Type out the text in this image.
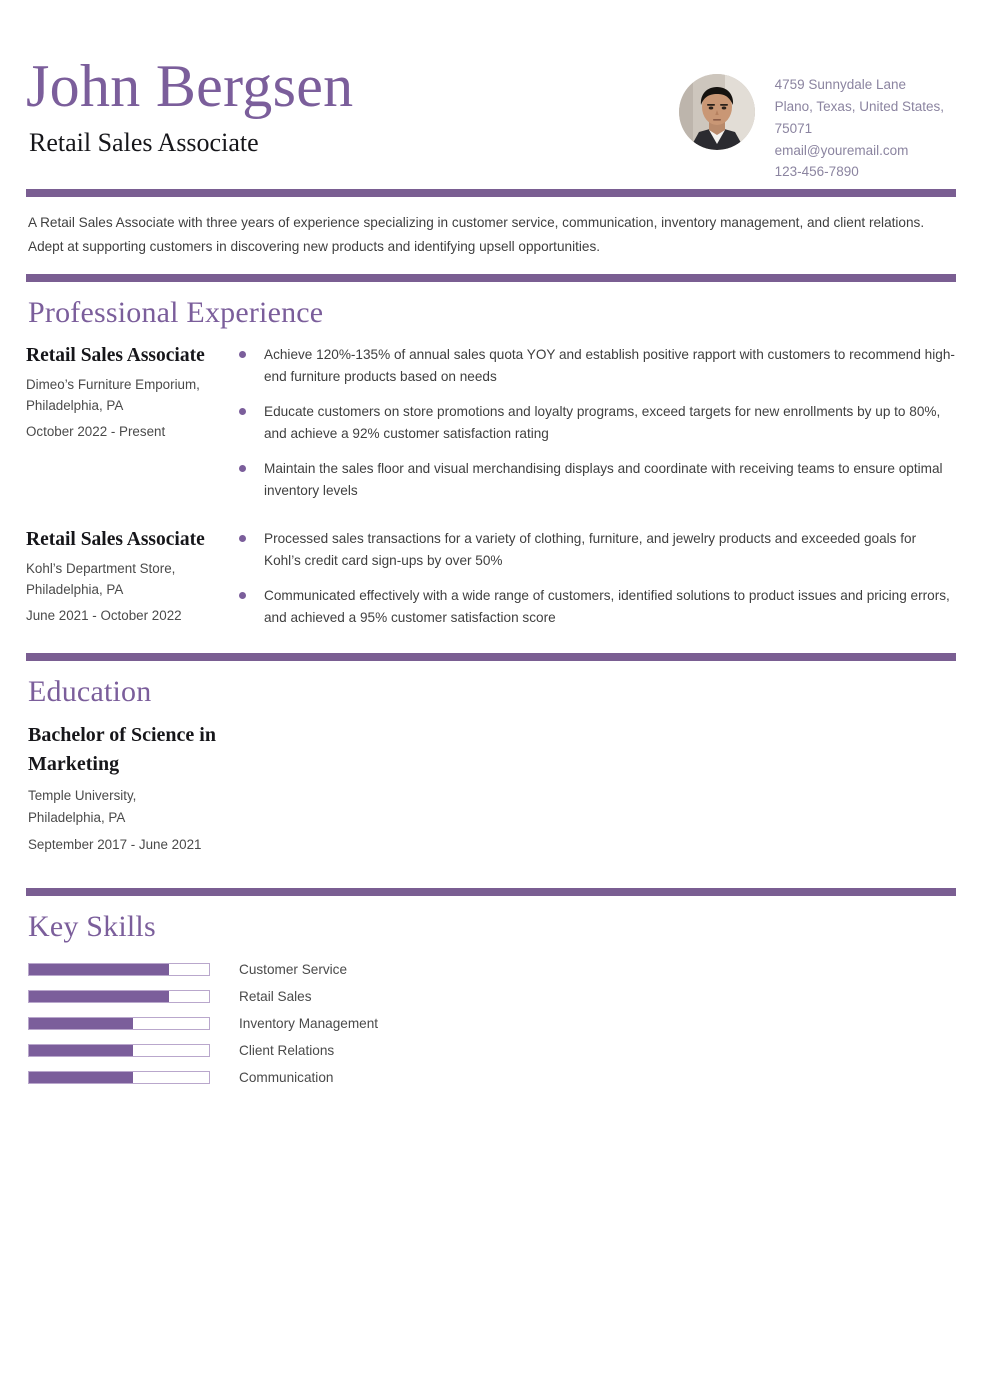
John Bergsen
Retail Sales Associate
4759 Sunnydale Lane
Plano, Texas, United States,
75071
email@youremail.com
123-456-7890
A Retail Sales Associate with three years of experience specializing in customer service, communication, inventory management, and client relations. Adept at supporting customers in discovering new products and identifying upsell opportunities.
Professional Experience
Retail Sales Associate
Dimeo’s Furniture Emporium,
Philadelphia, PA
October 2022 - Present
Achieve 120%-135% of annual sales quota YOY and establish positive rapport with customers to recommend high-end furniture products based on needs
Educate customers on store promotions and loyalty programs, exceed targets for new enrollments by up to 80%, and achieve a 92% customer satisfaction rating
Maintain the sales floor and visual merchandising displays and coordinate with receiving teams to ensure optimal inventory levels
Retail Sales Associate
Kohl’s Department Store,
Philadelphia, PA
June 2021 - October 2022
Processed sales transactions for a variety of clothing, furniture, and jewelry products and exceeded goals for Kohl’s credit card sign-ups by over 50%
Communicated effectively with a wide range of customers, identified solutions to product issues and pricing errors, and achieved a 95% customer satisfaction score
Education
Bachelor of Science in Marketing
Temple University,
Philadelphia, PA
September 2017 - June 2021
Key Skills
Customer Service
Retail Sales
Inventory Management
Client Relations
Communication
